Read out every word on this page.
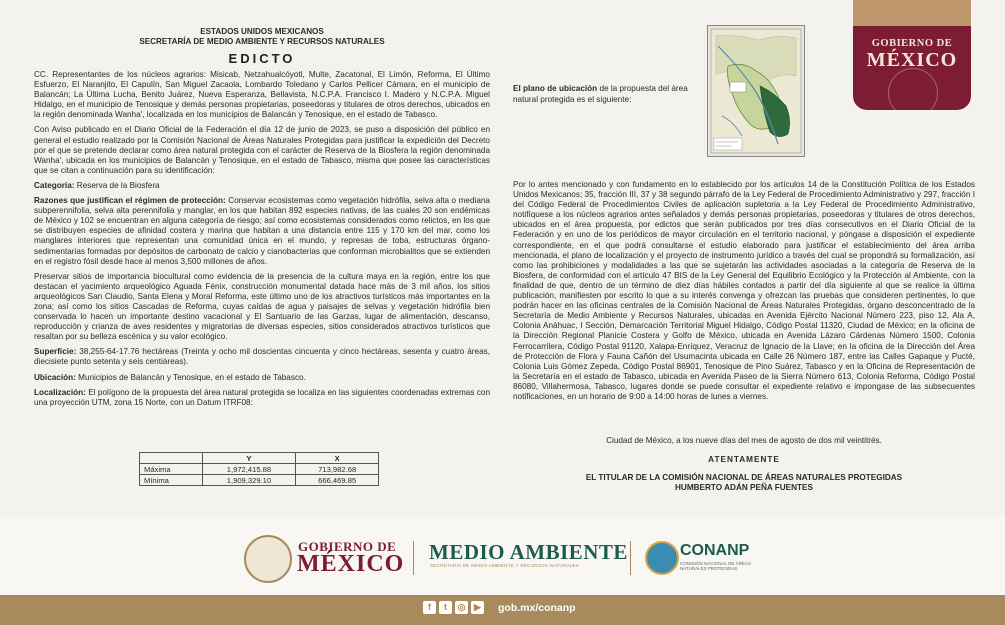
ESTADOS UNIDOS MEXICANOS
SECRETARÍA DE MEDIO AMBIENTE Y RECURSOS NATURALES
EDICTO

CC. Representantes de los núcleos agrarios: Misicab, Netzahualcóyotl, Multe, Zacatonal, El Limón, Reforma, El Último Esfuerzo, El Naranjito, El Capulín, San Miguel Zacaola, Lombardo Toledano y Carlos Pellicer Cámara, en el municipio de Balancán; La Última Lucha, Benito Juárez, Nueva Esperanza, Bellavista, N.C.P.A. Francisco I. Madero y N.C.P.A. Miguel Hidalgo, en el municipio de Tenosique y demás personas propietarias, poseedoras y titulares de otros derechos, ubicados en la región denominada Wanha', localizada en los municipios de Balancán y Tenosique, en el estado de Tabasco.

Con Aviso publicado en el Diario Oficial de la Federación el día 12 de junio de 2023, se puso a disposición del público en general el estudio realizado por la Comisión Nacional de Áreas Naturales Protegidas para justificar la expedición del Decreto por el que se pretende declarar como área natural protegida con el carácter de Reserva de la Biosfera la región denominada Wanha', ubicada en los municipios de Balancán y Tenosique, en el estado de Tabasco, misma que posee las características que se citan a continuación para su identificación:

Categoría: Reserva de la Biosfera

Razones que justifican el régimen de protección: Conservar ecosistemas como vegetación hidrófila, selva alta o mediana subperennifolia, selva alta perennifolia y manglar, en los que habitan 892 especies nativas, de las cuales 20 son endémicas de México y 102 se encuentran en alguna categoría de riesgo; así como ecosistemas considerados como relictos, en los que se distribuyen especies de afinidad costera y marina que habitan a una distancia entre 115 y 170 km del mar, como los manglares interiores que representan una comunidad única en el mundo, y represas de toba, estructuras órgano-sedimentarias formadas por depósitos de carbonato de calcio y cianobacterias que conforman microbialitos que se extienden en el registro fósil desde hace al menos 3,500 millones de años.

Preservar sitios de importancia biocultural como evidencia de la presencia de la cultura maya en la región, entre los que destacan el yacimiento arqueológico Aguada Fénix, construcción monumental datada hace más de 3 mil años, los sitios arqueológicos San Claudio, Santa Elena y Moral Reforma, este último uno de los atractivos turísticos más importantes en la zona; así como los sitios Cascadas de Reforma, cuyas caídas de agua y paisajes de selvas y vegetación hidrófila bien conservada lo hacen un importante destino vacacional y El Santuario de las Garzas, lugar de alimentación, descanso, reproducción y crianza de aves residentes y migratorias de diversas especies, sitios considerados atractivos turísticos que resaltan por su belleza escénica y su valor ecológico.

Superficie: 38,255-64-17.76 hectáreas (Treinta y ocho mil doscientas cincuenta y cinco hectáreas, sesenta y cuatro áreas, diecisiete punto setenta y seis centiáreas).

Ubicación: Municipios de Balancán y Tenosique, en el estado de Tabasco.

Localización: El polígono de la propuesta del área natural protegida se localiza en las siguientes coordenadas extremas con una proyección UTM, zona 15 Norte, con un Datum ITRF08:

	Y	X
Máxima	1,972,415.88	713,982.68
Mínima	1,909,329.10	666,469.85
El plano de ubicación de la propuesta del área natural protegida es el siguiente:
GOBIERNO DE
MÉXICO

Por lo antes mencionado y con fundamento en lo establecido por los artículos 14 de la Constitución Política de los Estados Unidos Mexicanos; 35, fracción III, 37 y 38 segundo párrafo de la Ley Federal de Procedimiento Administrativo y 297, fracción I del Código Federal de Procedimientos Civiles de aplicación supletoria a la Ley Federal de Procedimiento Administrativo, notifíquese a los núcleos agrarios antes señalados y demás personas propietarias, poseedoras y titulares de otros derechos, ubicados en el área propuesta, por edictos que serán publicados por tres días consecutivos en el Diario Oficial de la Federación y en uno de los periódicos de mayor circulación en el territorio nacional, y póngase a disposición el expediente correspondiente, en el que podrá consultarse el estudio elaborado para justificar el establecimiento del área arriba mencionada, el plano de localización y el proyecto de instrumento jurídico a través del cual se propondrá su formalización, así como las prohibiciones y modalidades a las que se sujetarán las actividades asociadas a la categoría de Reserva de la Biosfera, de conformidad con el artículo 47 BIS de la Ley General del Equilibrio Ecológico y la Protección al Ambiente, con la finalidad de que, dentro de un término de diez días hábiles contados a partir del día siguiente al que se realice la última publicación, manifiesten por escrito lo que a su interés convenga y ofrezcan las pruebas que consideren pertinentes, lo que podrán hacer en las oficinas centrales de la Comisión Nacional de Áreas Naturales Protegidas, órgano desconcentrado de la Secretaría de Medio Ambiente y Recursos Naturales, ubicadas en Avenida Ejército Nacional Número 223, piso 12, Ala A, Colonia Anáhuac, I Sección, Demarcación Territorial Miguel Hidalgo, Código Postal 11320, Ciudad de México; en la oficina de la Dirección Regional Planicie Costera y Golfo de México, ubicada en Avenida Lázaro Cárdenas Número 1500, Colonia Ferrocarrilera, Código Postal 91120, Xalapa-Enríquez, Veracruz de Ignacio de la Llave; en la oficina de la Dirección del Área de Protección de Flora y Fauna Cañón del Usumacinta ubicada en Calle 26 Número 187, entre las Calles Gapaque y Pucté, Colonia Luis Gómez Zepeda, Código Postal 86901, Tenosique de Pino Suárez, Tabasco y en la Oficina de Representación de la Secretaría en el estado de Tabasco, ubicada en Avenida Paseo de la Sierra Número 613, Colonia Reforma, Código Postal 86080, Villahermosa, Tabasco, lugares donde se puede consultar el expediente relativo e impongase de las subsecuentes notificaciones, en un horario de 9:00 a 14:00 horas de lunes a viernes.

Ciudad de México, a los nueve días del mes de agosto de dos mil veintitrés.
ATENTAMENTE
EL TITULAR DE LA COMISIÓN NACIONAL DE ÁREAS NATURALES PROTEGIDAS
HUMBERTO ADÁN PEÑA FUENTES
GOBIERNO DE
MÉXICO MEDIO AMBIENTE
SECRETARÍA DE MEDIO AMBIENTE Y RECURSOS NATURALES
CONANP
COMISIÓN NACIONAL DE ÁREAS NATURALES PROTEGIDAS
f	t	◎ ▶ gob.mx/conanp
